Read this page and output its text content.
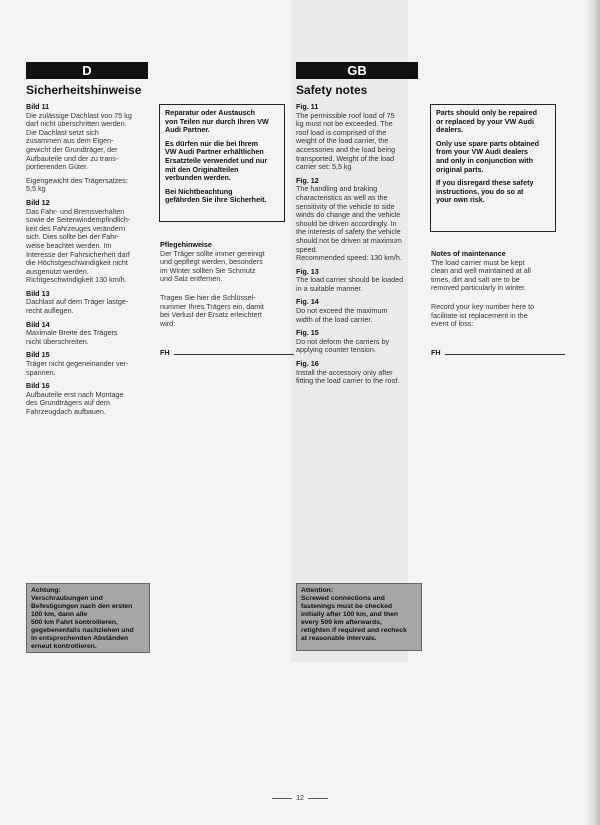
D
Sicherheitshinweise
Bild 11

Die zulässige Dachlast von 75 kg
darf nicht überschritten werden.
Die Dachlast setzt sich
zusammen aus dem Eigen-
gewicht der Grundträger, der
Aufbauteile und der zu trans-
portierenden Güter.

Eigengewicht des Trägersatzes:
5,5 kg

Bild 12

Das Fahr- und Bremsverhalten
sowie de Seitenwindempfindlich-
keit des Fahrzeuges verändern
sich. Dies sollte bei der Fahr-
weise beachtet werden. Im
Interesse der Fahrsicherheit darf
die Höchstgeschwindigkeit nicht
ausgenutzt werden.
Richtgeschwindigkeit 130 km/h.

Bild 13

Dachlast auf dem Träger lastge-
recht auflegen.

Bild 14

Maximale Breite des Trägers
nicht überschreiten.

Bild 15

Träger nicht gegeneinander ver-
spannen.

Bild 16

Aufbauteile erst nach Montage
des Grundträgers auf dem
Fahrzeugdach aufbauen.

Reparatur oder Austausch
von Teilen nur durch Ihren VW
Audi Partner.

Es dürfen nur die bei Ihrem
VW Audi Partner erhältlichen
Ersatzteile verwendet und nur
mit den Originalteilen
verbunden werden.

Bei Nichtbeachtung
gefährden Sie ihre Sicherheit.

Pflegehinweise

Der Träger sollte immer gereinigt
und gepflegt werden, besonders
im Winter sollten Sie Schmutz
und Salz entfernen.

Tragen Sie hier die Schlüssel-
nummer Ihres Trägers ein, damit
bei Verlust der Ersatz erleichtert
wird:

FH
Achtung:
Verschraubungen und
Befestigungen nach den ersten
100 km, dann alle
500 km Fahrt kontrollieren,
gegebenenfalls nachziehen und
in entsprechenden Abständen
erneut kontrollieren.
GB
Safety notes
Fig. 11

The permissible roof load of 75
kg must not be exceeded. The
roof load is comprised of the
weight of the load carrier, the
accessories and the load being
transported. Weight of the load
carrier set: 5,5 kg

Fig. 12

The handling and braking
characteristics as well as the
sensitivity of the vehicle to side
winds do change and the vehicle
should be driven accordingly. In
the interests of safety the vehicle
should not be driven at maximum
speed.
Recommended speed: 130 km/h.

Fig. 13

The load carrier should be loaded
in a suitable manner.

Fig. 14

Do not exceed the maximum
width of the load carrier.

Fig. 15

Do not deform the carriers by
applying counter tension.

Fig. 16

Install the accessory only after
fitting the load carrier to the roof.

Parts should only be repaired
or replaced by your VW Audi
dealers.

Only use spare parts obtained
from your VW Audi dealers
and only in conjunction with
original parts.

If you disregard these safety
instructions, you do so at
your own risk.

Notes of maintenance

The load carrier must be kept
clean and well maintained at all
times, dirt and salt are to be
removed particularly in winter.

Record your key number here to
facilitate ist replacement in the
event of loss:

FH
Attention:
Screwed connections and
fastenings must be checked
initially after 100 km, and then
every 500 km afterwards,
retighten if required and recheck
at reasonable intervals.
12
